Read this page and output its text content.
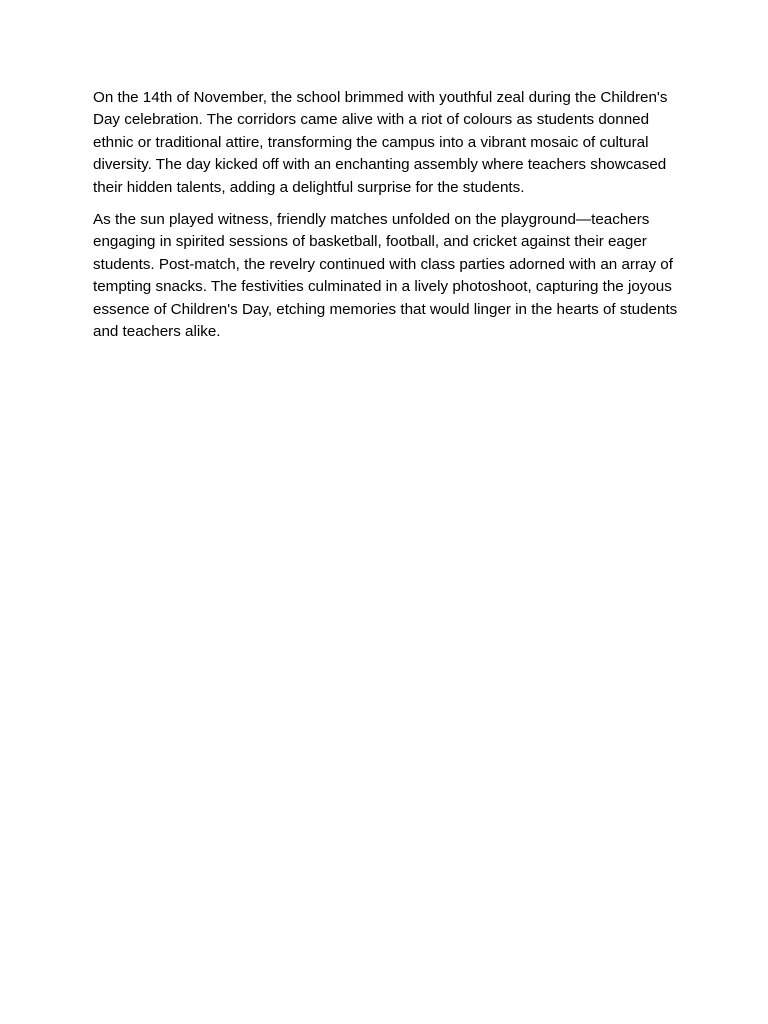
On the 14th of November, the school brimmed with youthful zeal during the Children's Day celebration. The corridors came alive with a riot of colours as students donned ethnic or traditional attire, transforming the campus into a vibrant mosaic of cultural diversity. The day kicked off with an enchanting assembly where teachers showcased their hidden talents, adding a delightful surprise for the students.

As the sun played witness, friendly matches unfolded on the playground—teachers engaging in spirited sessions of basketball, football, and cricket against their eager students. Post-match, the revelry continued with class parties adorned with an array of tempting snacks. The festivities culminated in a lively photoshoot, capturing the joyous essence of Children's Day, etching memories that would linger in the hearts of students and teachers alike.
